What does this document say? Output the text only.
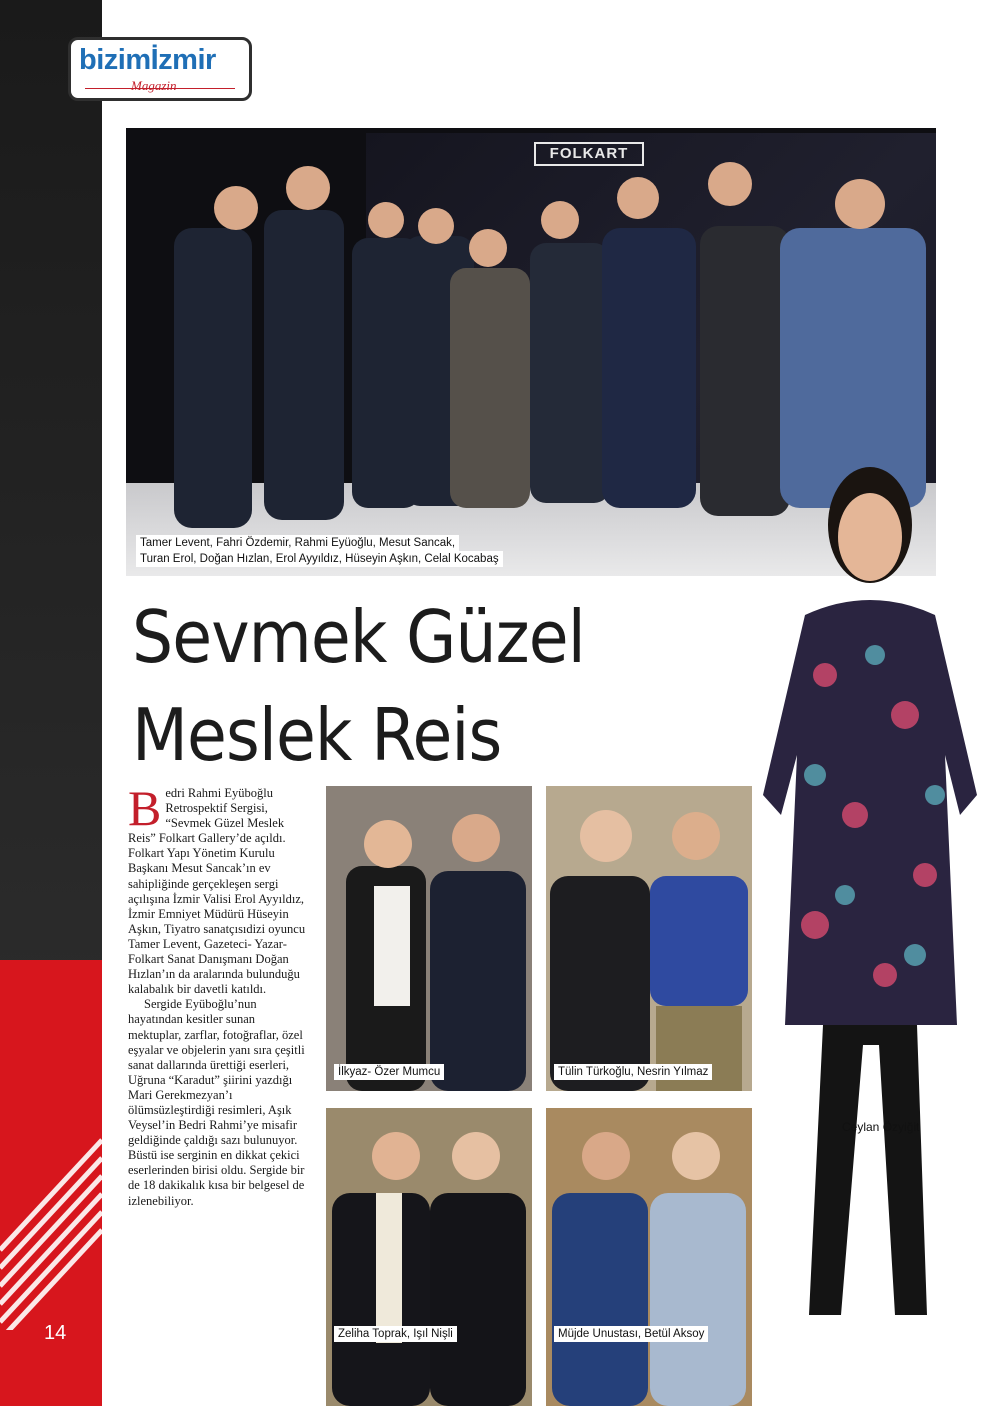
14
bizimİzmir
Magazin
FOLKART
Tamer Levent, Fahri Özdemir, Rahmi Eyüoğlu, Mesut Sancak,
Turan Erol, Doğan Hızlan, Erol Ayyıldız, Hüseyin Aşkın, Celal Kocabaş
Sevmek Güzel
Meslek Reis

Bedri Rahmi Eyüboğlu Retrospektif Sergisi, “Sevmek Güzel Meslek Reis” Folkart Gallery’de açıldı. Folkart Yapı Yönetim Kurulu Başkanı Mesut Sancak’ın ev sahipliğinde gerçekleşen sergi açılışına İzmir Valisi Erol Ayyıldız, İzmir Emniyet Müdürü Hüseyin Aşkın, Tiyatro sanatçısıdizi oyuncu Tamer Levent, Gazeteci- Yazar- Folkart Sanat Danışmanı Doğan Hızlan’ın da aralarında bulunduğu kalabalık bir davetli katıldı.

Sergide Eyüboğlu’nun hayatından kesitler sunan mektuplar, zarflar, fotoğraflar, özel eşyalar ve objelerin yanı sıra çeşitli sanat dallarında ürettiği eserleri, Uğruna “Karadut” şiirini yazdığı Mari Gerekmezyan’ı ölümsüzleştirdiği resimleri, Aşık Veysel’in Bedri Rahmi’ye misafir geldiğinde çaldığı sazı bulunuyor. Büstü ise serginin en dikkat çekici eserlerinden birisi oldu. Sergide bir de 18 dakikalık kısa bir belgesel de izlenebiliyor.

İlkyaz- Özer Mumcu	Tülin Türkoğlu, Nesrin Yılmaz
Zeliha Toprak, Işıl Nişli	Müjde Unustası, Betül Aksoy
Ceylan Özyiğit
